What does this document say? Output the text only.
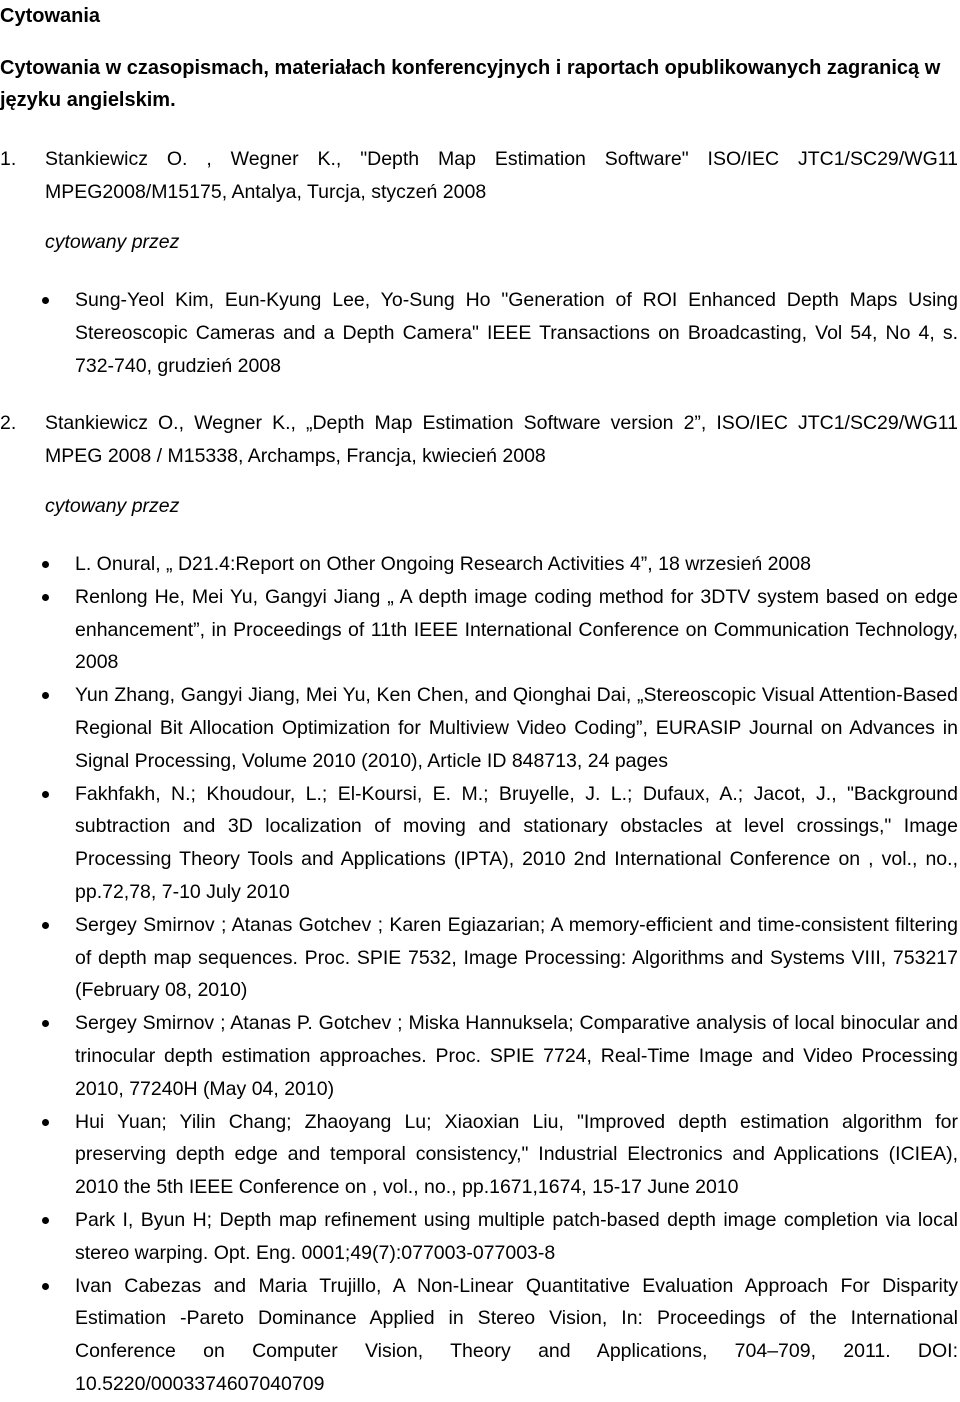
Cytowania
Cytowania w czasopismach, materiałach konferencyjnych i raportach opublikowanych zagranicą w języku angielskim.
1.	Stankiewicz O. , Wegner K., "Depth Map Estimation Software" ISO/IEC JTC1/SC29/WG11 MPEG2008/M15175, Antalya, Turcja, styczeń 2008
cytowany przez
Sung-Yeol Kim, Eun-Kyung Lee, Yo-Sung Ho "Generation of ROI Enhanced Depth Maps Using Stereoscopic Cameras and a Depth Camera" IEEE Transactions on Broadcasting, Vol 54, No 4, s. 732-740, grudzień 2008
2.	Stankiewicz O., Wegner K., „Depth Map Estimation Software version 2”, ISO/IEC JTC1/SC29/WG11 MPEG 2008 / M15338, Archamps, Francja, kwiecień 2008
cytowany przez
L. Onural, „ D21.4:Report on Other Ongoing Research Activities 4”, 18 wrzesień 2008
Renlong He, Mei Yu, Gangyi Jiang „ A depth image coding method for 3DTV system based on edge enhancement”, in Proceedings of 11th IEEE International Conference on Communication Technology, 2008
Yun Zhang, Gangyi Jiang, Mei Yu, Ken Chen, and Qionghai Dai, „Stereoscopic Visual Attention-Based Regional Bit Allocation Optimization for Multiview Video Coding”, EURASIP Journal on Advances in Signal Processing, Volume 2010 (2010), Article ID 848713, 24 pages
Fakhfakh, N.; Khoudour, L.; El-Koursi, E. M.; Bruyelle, J. L.; Dufaux, A.; Jacot, J., "Background subtraction and 3D localization of moving and stationary obstacles at level crossings," Image Processing Theory Tools and Applications (IPTA), 2010 2nd International Conference on , vol., no., pp.72,78, 7-10 July 2010
Sergey Smirnov ; Atanas Gotchev ; Karen Egiazarian; A memory-efficient and time-consistent filtering of depth map sequences. Proc. SPIE 7532, Image Processing: Algorithms and Systems VIII, 753217 (February 08, 2010)
Sergey Smirnov ; Atanas P. Gotchev ; Miska Hannuksela; Comparative analysis of local binocular and trinocular depth estimation approaches. Proc. SPIE 7724, Real-Time Image and Video Processing 2010, 77240H (May 04, 2010)
Hui Yuan; Yilin Chang; Zhaoyang Lu; Xiaoxian Liu, "Improved depth estimation algorithm for preserving depth edge and temporal consistency," Industrial Electronics and Applications (ICIEA), 2010 the 5th IEEE Conference on , vol., no., pp.1671,1674, 15-17 June 2010
Park I, Byun H; Depth map refinement using multiple patch-based depth image completion via local stereo warping. Opt. Eng. 0001;49(7):077003-077003-8
Ivan Cabezas and Maria Trujillo, A Non-Linear Quantitative Evaluation Approach For Disparity Estimation -Pareto Dominance Applied in Stereo Vision, In: Proceedings of the International Conference on Computer Vision, Theory and Applications, 704–709, 2011. DOI: 10.5220/0003374607040709
